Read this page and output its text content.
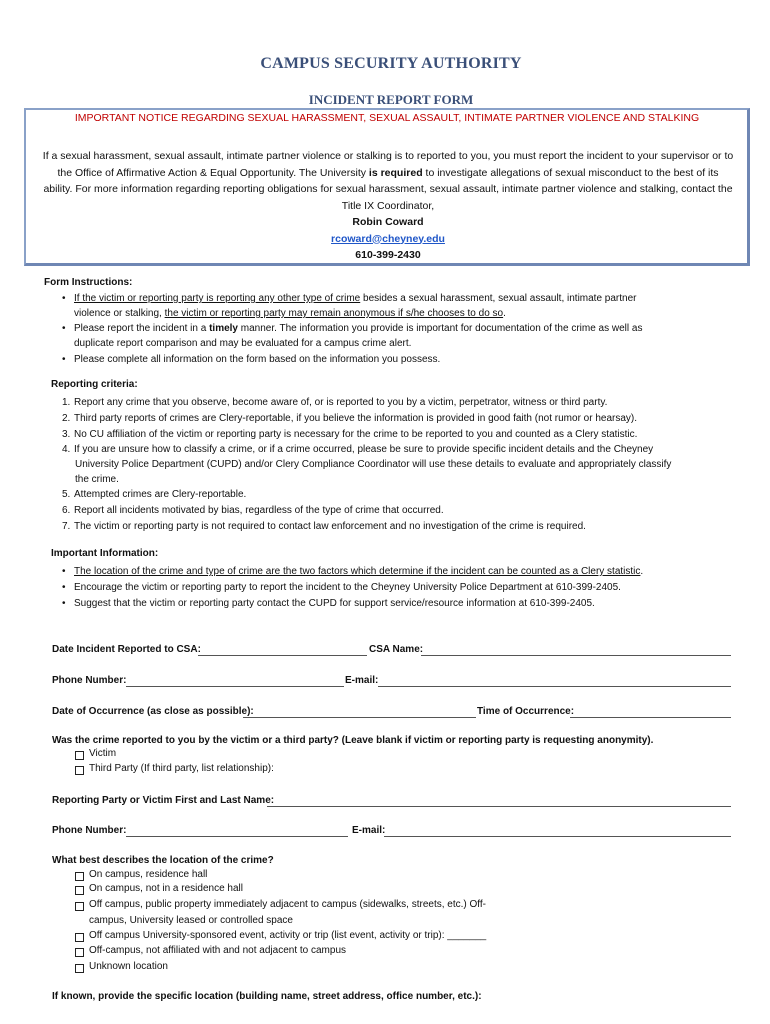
CAMPUS SECURITY AUTHORITY
INCIDENT REPORT FORM
IMPORTANT NOTICE REGARDING SEXUAL HARASSMENT, SEXUAL ASSAULT, INTIMATE PARTNER VIOLENCE AND STALKING
If a sexual harassment, sexual assault, intimate partner violence or stalking is to reported to you, you must report the incident to your supervisor or to
the Office of Affirmative Action & Equal Opportunity. The University is required to investigate allegations of sexual misconduct to the best of its
ability. For more information regarding reporting obligations for sexual harassment, sexual assault, intimate partner violence and stalking, contact the
Title IX Coordinator,
Robin Coward
rcoward@cheyney.edu
610-399-2430
Form Instructions:
If the victim or reporting party is reporting any other type of crime besides a sexual harassment, sexual assault, intimate partner
violence or stalking, the victim or reporting party may remain anonymous if s/he chooses to do so.
Please report the incident in a timely manner. The information you provide is important for documentation of the crime as well as
duplicate report comparison and may be evaluated for a campus crime alert.
Please complete all information on the form based on the information you possess.
Reporting criteria:
1. Report any crime that you observe, become aware of, or is reported to you by a victim, perpetrator, witness or third party.
2. Third party reports of crimes are Clery-reportable, if you believe the information is provided in good faith (not rumor or hearsay).
3. No CU affiliation of the victim or reporting party is necessary for the crime to be reported to you and counted as a Clery statistic.
4. If you are unsure how to classify a crime, or if a crime occurred, please be sure to provide specific incident details and the Cheyney
5. Attempted crimes are Clery-reportable.
6. Report all incidents motivated by bias, regardless of the type of crime that occurred.
7. The victim or reporting party is not required to contact law enforcement and no investigation of the crime is required.
University Police Department (CUPD) and/or Clery Compliance Coordinator will use these details to evaluate and appropriately classify
the crime.
Important Information:
The location of the crime and type of crime are the two factors which determine if the incident can be counted as a Clery statistic.
Encourage the victim or reporting party to report the incident to the Cheyney University Police Department at 610-399-2405.
Suggest that the victim or reporting party contact the CUPD for support service/resource information at 610-399-2405.
Date Incident Reported to CSA:	CSA Name:
Phone Number:	E-mail:
Date of Occurrence (as close as possible):	Time of Occurrence:
Was the crime reported to you by the victim or a third party? (Leave blank if victim or reporting party is requesting anonymity).
Victim
Third Party (If third party, list relationship):
Reporting Party or Victim First and Last Name:
Phone Number:	E-mail:
What best describes the location of the crime?
On campus, residence hall
On campus, not in a residence hall
Off campus, public property immediately adjacent to campus (sidewalks, streets, etc.) Off-
campus, University leased or controlled space
Off campus University-sponsored event, activity or trip (list event, activity or trip): _______
Off-campus, not affiliated with and not adjacent to campus
Unknown location
If known, provide the specific location (building name, street address, office number, etc.):
